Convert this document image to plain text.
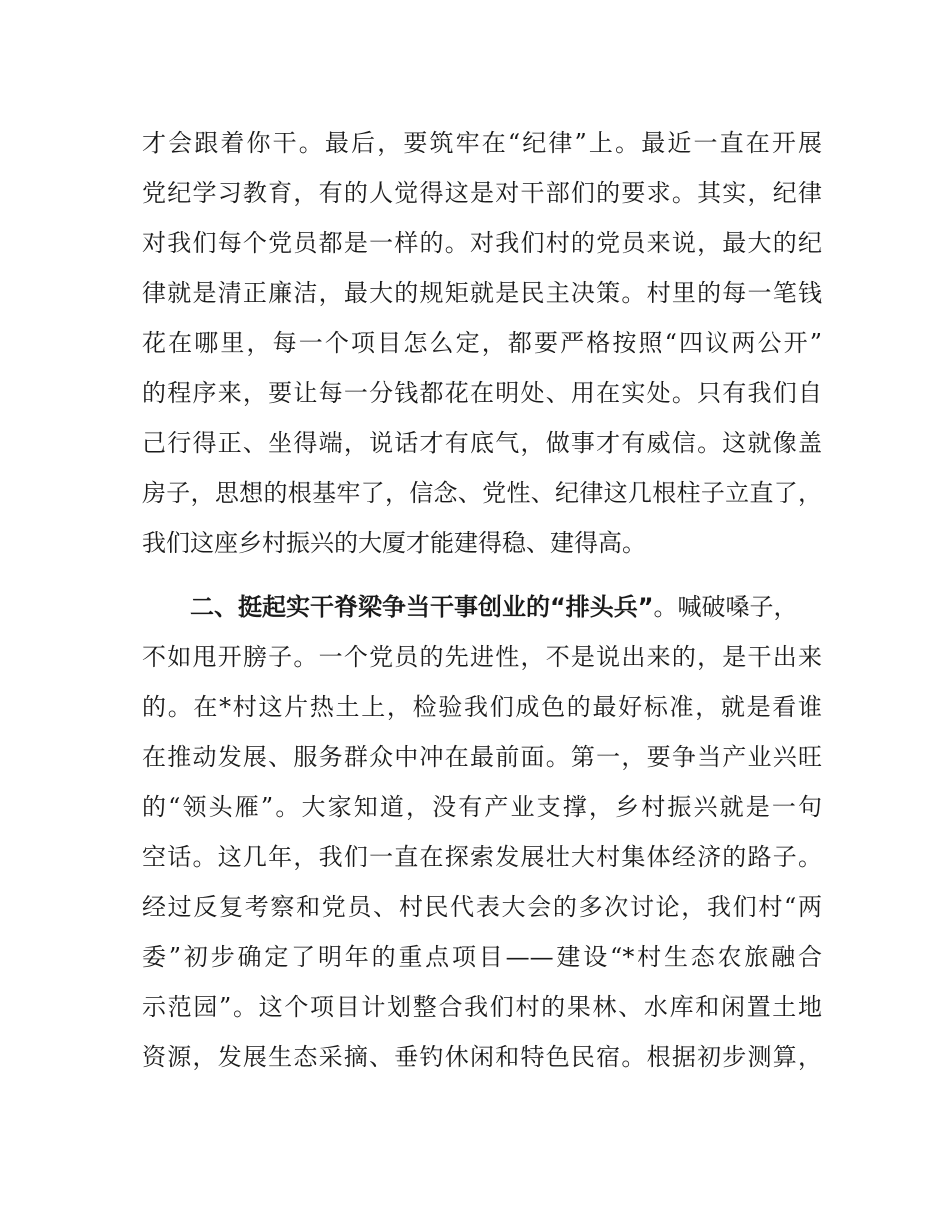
才会跟着你干。最后，要筑牢在“纪律”上。最近一直在开展

党纪学习教育，有的人觉得这是对干部们的要求。其实，纪律

对我们每个党员都是一样的。对我们村的党员来说，最大的纪

律就是清正廉洁，最大的规矩就是民主决策。村里的每一笔钱

花在哪里，每一个项目怎么定，都要严格按照“四议两公开”

的程序来，要让每一分钱都花在明处、用在实处。只有我们自

己行得正、坐得端，说话才有底气，做事才有威信。这就像盖

房子，思想的根基牢了，信念、党性、纪律这几根柱子立直了，

我们这座乡村振兴的大厦才能建得稳、建得高。

二、挺起实干脊梁争当干事创业的“排头兵”。喊破嗓子，

不如甩开膀子。一个党员的先进性，不是说出来的，是干出来

的。在*村这片热土上，检验我们成色的最好标准，就是看谁

在推动发展、服务群众中冲在最前面。第一，要争当产业兴旺

的“领头雁”。大家知道，没有产业支撑，乡村振兴就是一句

空话。这几年，我们一直在探索发展壮大村集体经济的路子。

经过反复考察和党员、村民代表大会的多次讨论，我们村“两

委”初步确定了明年的重点项目——建设“*村生态农旅融合

示范园”。这个项目计划整合我们村的果林、水库和闲置土地

资源，发展生态采摘、垂钓休闲和特色民宿。根据初步测算，
